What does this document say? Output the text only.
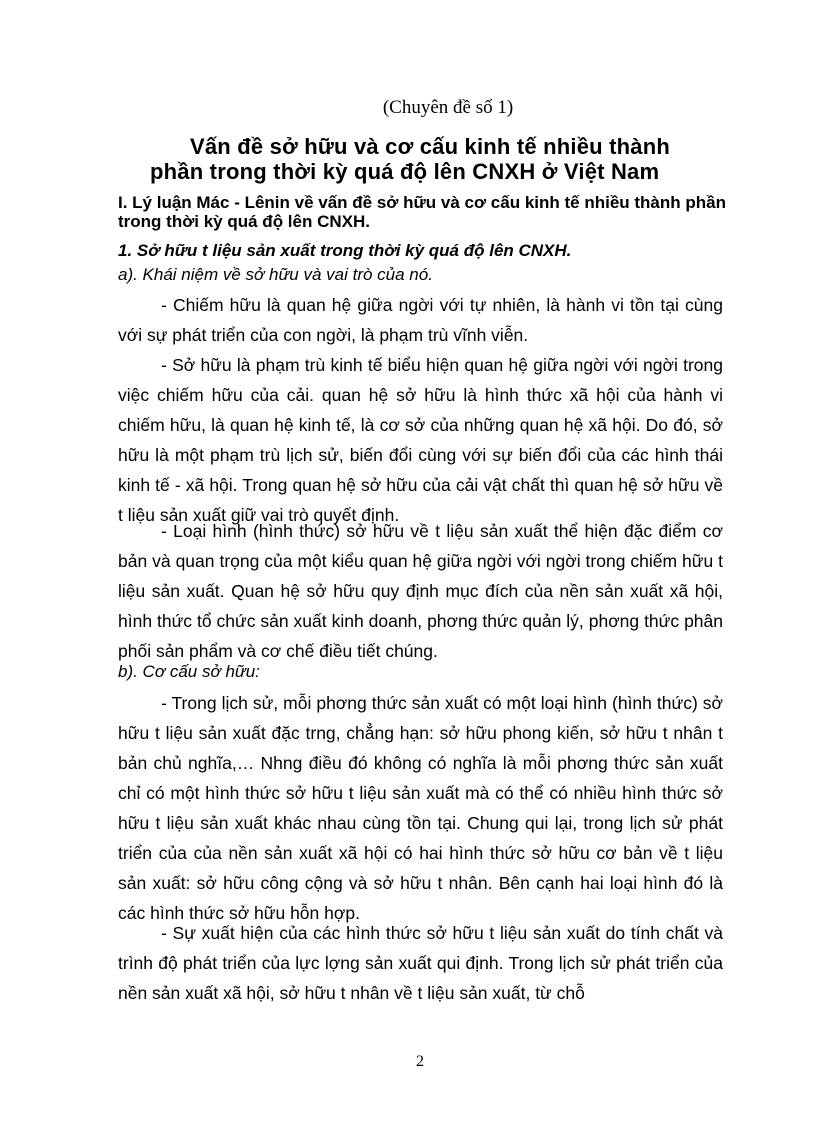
(Chuyên đề số 1)
Vấn đề sở hữu và cơ cấu kinh tế nhiều thành
phần trong thời kỳ quá độ lên CNXH ở Việt Nam
I. Lý luận Mác - Lênin về vấn đề sở hữu và cơ cấu kinh tế nhiều thành phần trong thời kỳ quá độ lên CNXH.
1. Sở hữu t liệu sản xuất trong thời kỳ quá độ lên CNXH.
a). Khái niệm về sở hữu và vai trò của nó.
- Chiếm hữu là quan hệ giữa ngời với tự nhiên, là hành vi tồn tại cùng với sự phát triển của con ngời, là phạm trù vĩnh viễn.
- Sở hữu là phạm trù kinh tế biểu hiện quan hệ giữa ngời với ngời trong việc chiếm hữu của cải. quan hệ sở hữu là hình thức xã hội của hành vi chiếm hữu, là quan hệ kinh tế, là cơ sở của những quan hệ xã hội. Do đó, sở hữu là một phạm trù lịch sử, biến đổi cùng với sự biến đổi của các hình thái kinh tế - xã hội. Trong quan hệ sở hữu của cải vật chất thì quan hệ sở hữu về t liệu sản xuất giữ vai trò quyết định.
- Loại hình (hình thức) sở hữu về t liệu sản xuất thể hiện đặc điểm cơ bản và quan trọng của một kiểu quan hệ giữa ngời với ngời trong chiếm hữu t liệu sản xuất. Quan hệ sở hữu quy định mục đích của nền sản xuất xã hội, hình thức tổ chức sản xuất kinh doanh, phơng thức quản lý, phơng thức phân phối sản phẩm và cơ chế điều tiết chúng.
b). Cơ cấu sở hữu:
- Trong lịch sử, mỗi phơng thức sản xuất có một loại hình (hình thức) sở hữu t liệu sản xuất đặc trng, chẳng hạn: sở hữu phong kiến, sở hữu t nhân t bản chủ nghĩa,… Nhng điều đó không có nghĩa là mỗi phơng thức sản xuất chỉ có một hình thức sở hữu t liệu sản xuất mà có thể có nhiều hình thức sở hữu t liệu sản xuất khác nhau cùng tồn tại. Chung qui lại, trong lịch sử phát triển của của nền sản xuất xã hội có hai hình thức sở hữu cơ bản về t liệu sản xuất: sở hữu công cộng và sở hữu t nhân. Bên cạnh hai loại hình đó là các hình thức sở hữu hỗn hợp.
- Sự xuất hiện của các hình thức sở hữu t liệu sản xuất do tính chất và trình độ phát triển của lực lợng sản xuất qui định. Trong lịch sử phát triển của nền sản xuất xã hội, sở hữu t nhân về t liệu sản xuất, từ chỗ
2
